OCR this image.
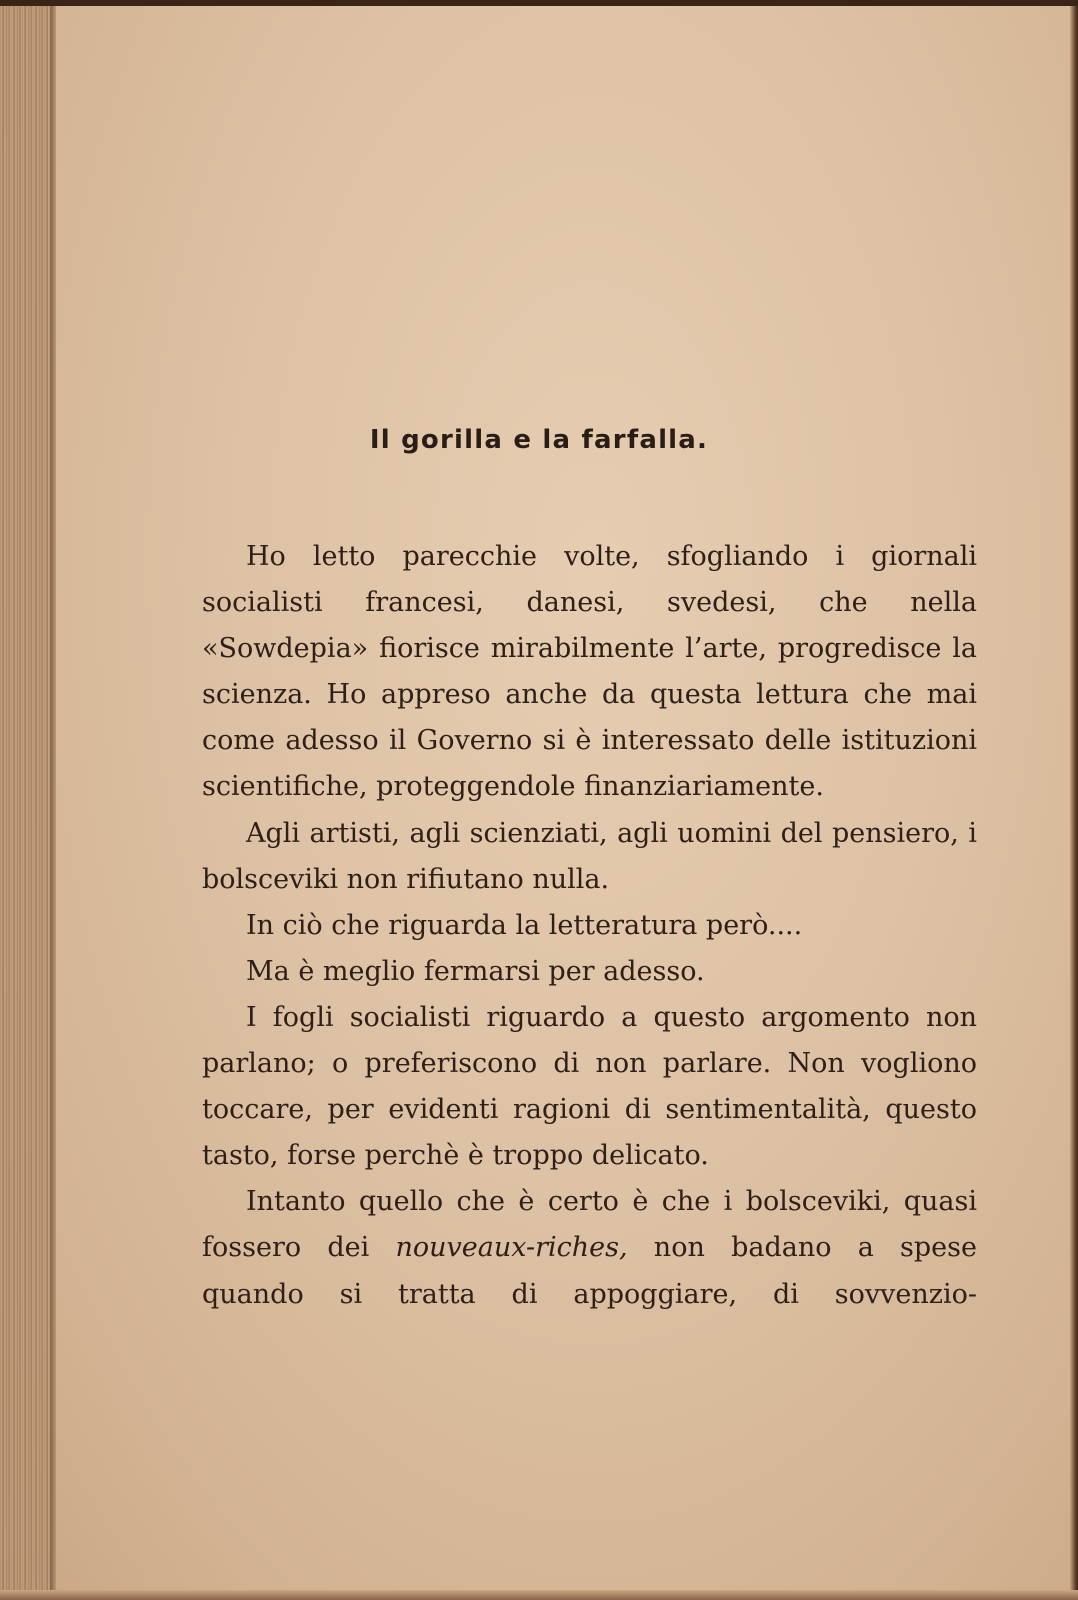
Il gorilla e la farfalla.

Ho letto parecchie volte, sfogliando i giornali socialisti francesi, danesi, svedesi, che nella «Sowdepia» fiorisce mirabilmente l’arte, progredisce la scienza. Ho appreso anche da questa lettura che mai come adesso il Governo si è interessato delle istituzioni scientifiche, proteggendole finanziariamente.

Agli artisti, agli scienziati, agli uomini del pensiero, i bolsceviki non rifiutano nulla.

In ciò che riguarda la letteratura però....

Ma è meglio fermarsi per adesso.

I fogli socialisti riguardo a questo argomento non parlano; o preferiscono di non parlare. Non vogliono toccare, per evidenti ragioni di sentimentalità, questo tasto, forse perchè è troppo delicato.

Intanto quello che è certo è che i bolsceviki, quasi fossero dei nouveaux-riches, non badano a spese quando si tratta di appoggiare, di sovvenzio-
